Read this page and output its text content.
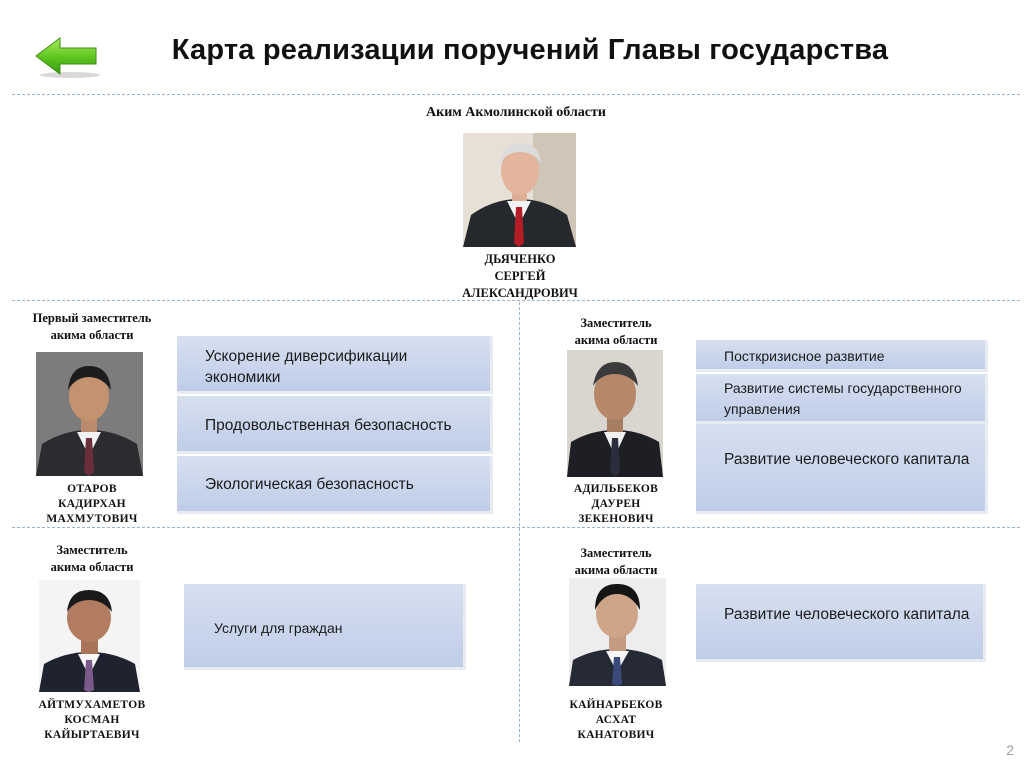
Карта реализации поручений Главы государства
Аким Акмолинской области
ДЬЯЧЕНКО
СЕРГЕЙ
АЛЕКСАНДРОВИЧ
Первый заместитель
акима области
ОТАРОВ
КАДИРХАН
МАХМУТОВИЧ
Ускорение диверсификации экономики
Продовольственная безопасность
Экологическая безопасность
Заместитель
акима области
АДИЛЬБЕКОВ
ДАУРЕН
ЗЕКЕНОВИЧ
Посткризисное развитие
Развитие системы государственного управления
Развитие человеческого капитала
Заместитель
акима области
АЙТМУХАМЕТОВ
КОСМАН
КАЙЫРТАЕВИЧ
Услуги для граждан
Заместитель
акима области
КАЙНАРБЕКОВ
АСХАТ
КАНАТОВИЧ
Развитие человеческого капитала
2
